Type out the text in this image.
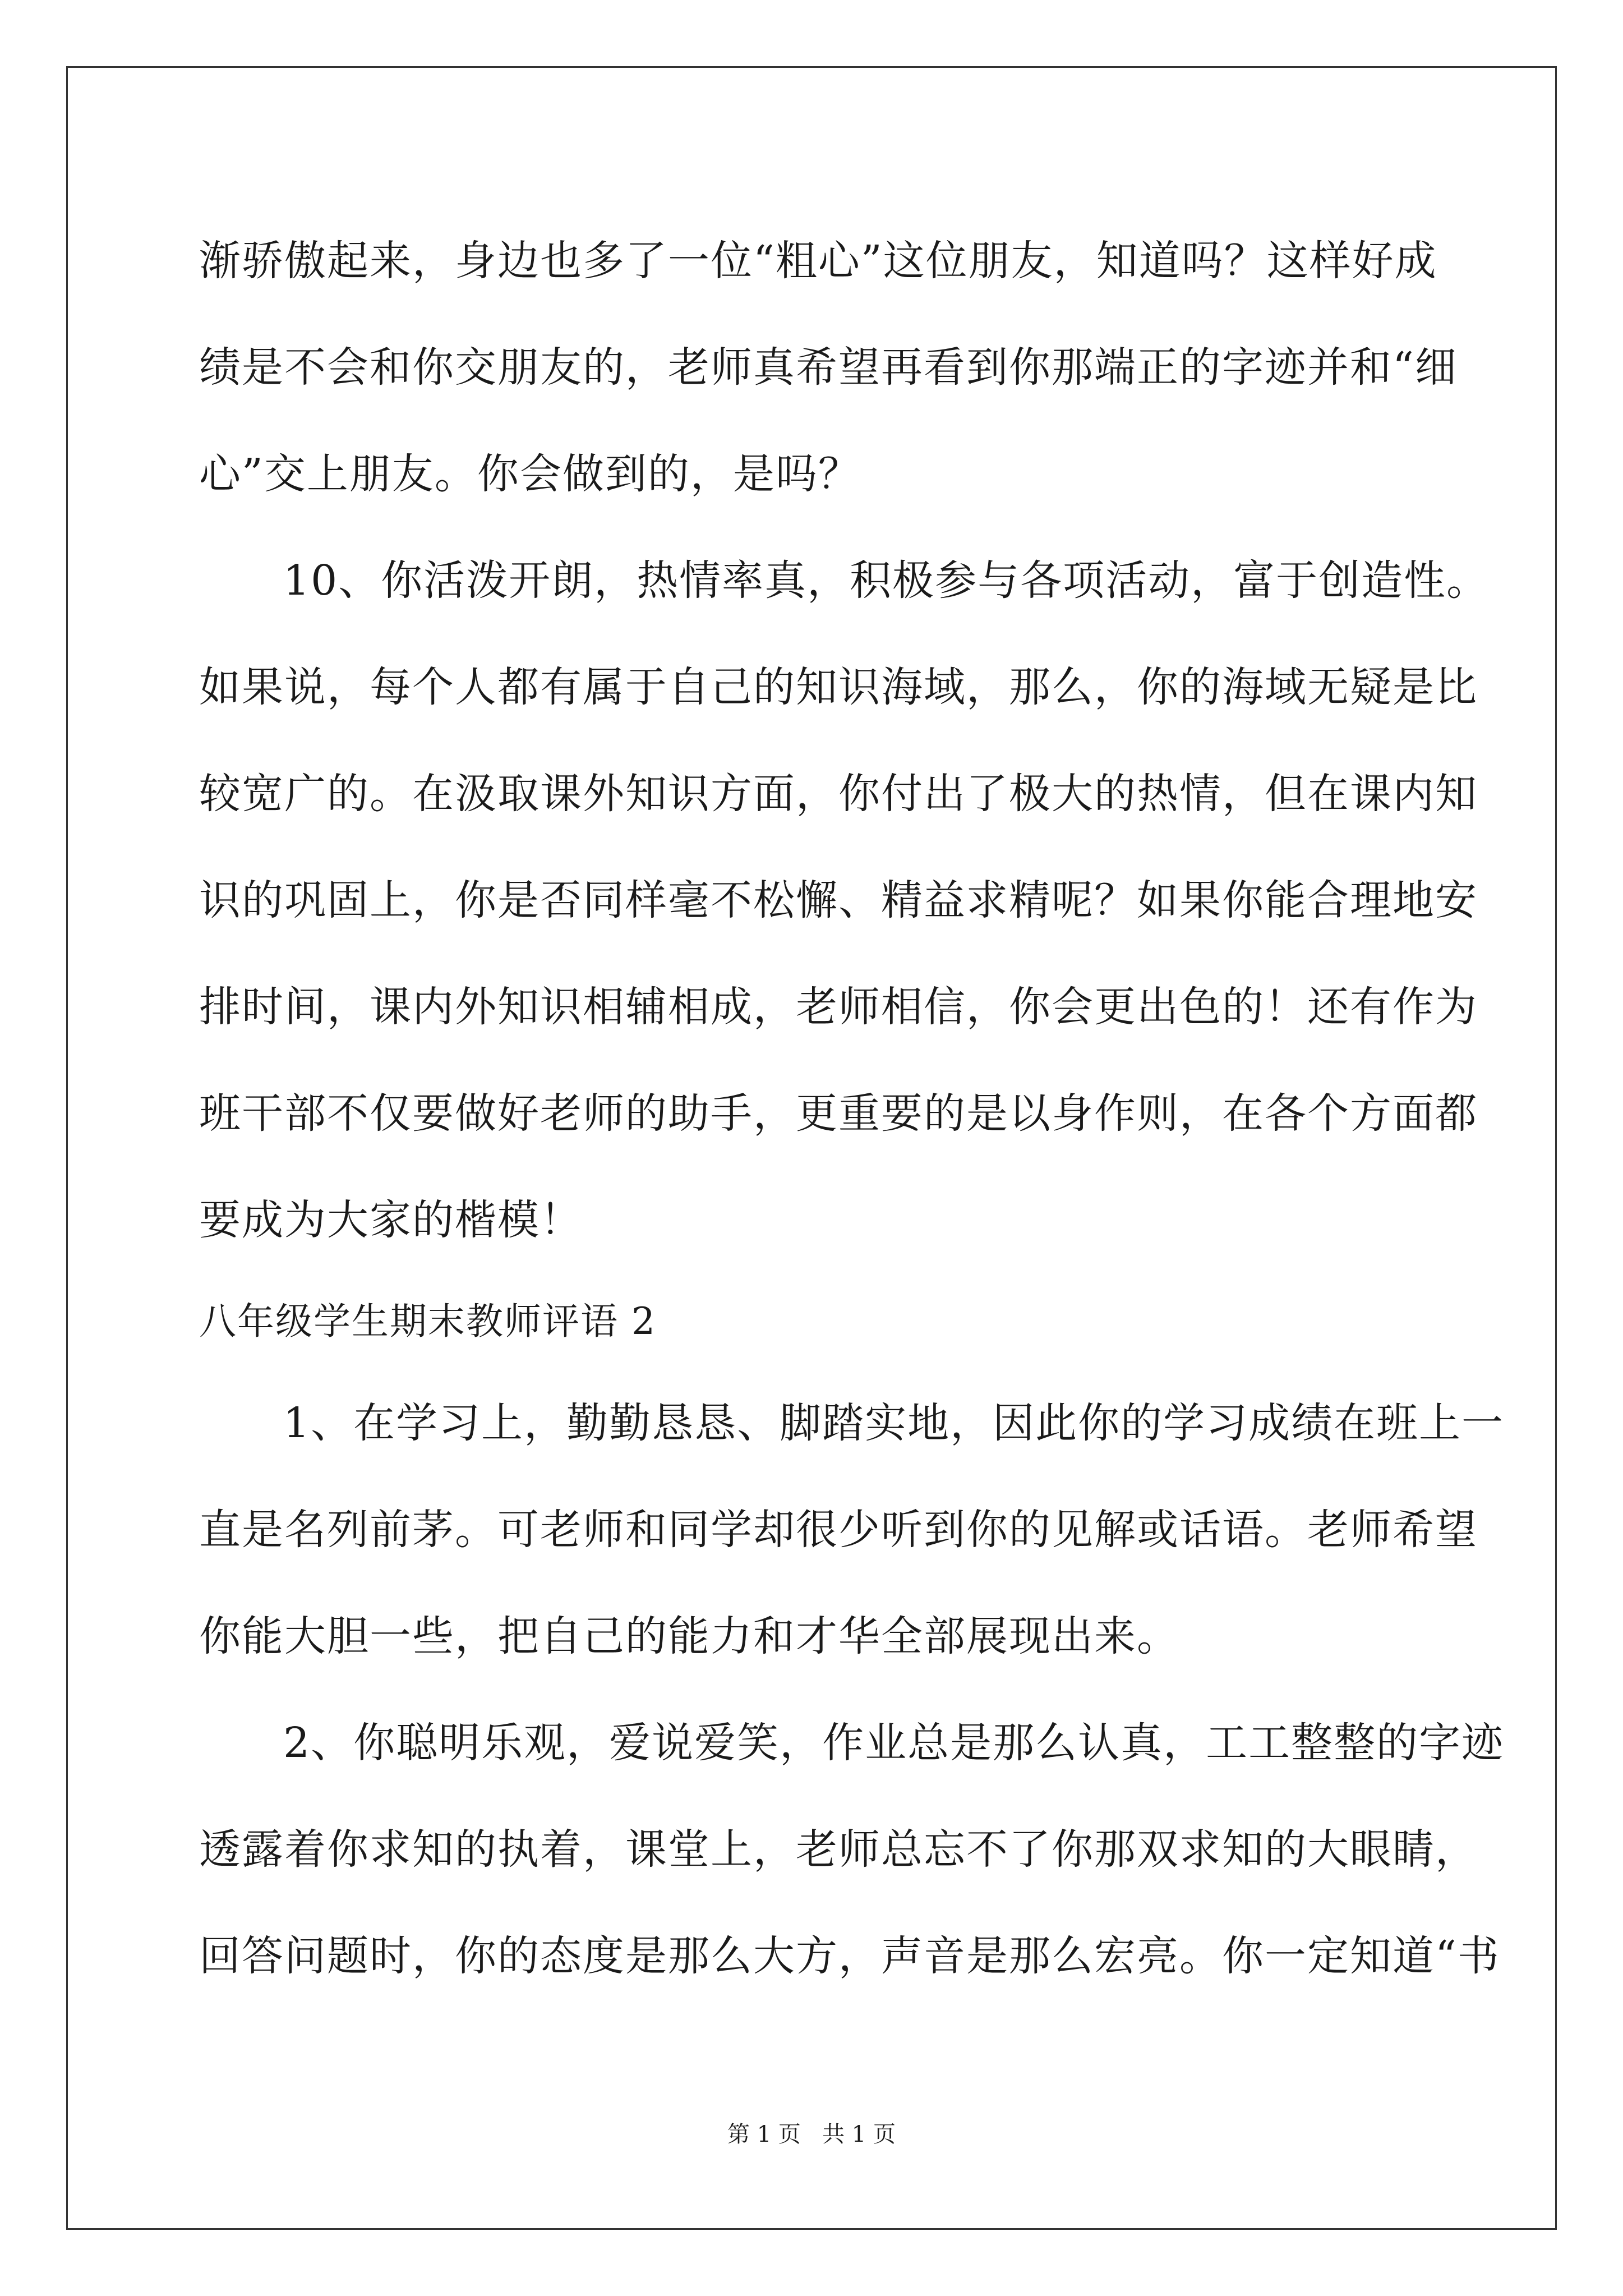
渐骄傲起来，身边也多了一位“粗心”这位朋友，知道吗？这样好成
绩是不会和你交朋友的，老师真希望再看到你那端正的字迹并和“细
心”交上朋友。你会做到的，是吗？
10、你活泼开朗，热情率真，积极参与各项活动，富于创造性。
如果说，每个人都有属于自己的知识海域，那么，你的海域无疑是比
较宽广的。在汲取课外知识方面，你付出了极大的热情，但在课内知
识的巩固上，你是否同样毫不松懈、精益求精呢？如果你能合理地安
排时间，课内外知识相辅相成，老师相信，你会更出色的！还有作为
班干部不仅要做好老师的助手，更重要的是以身作则，在各个方面都
要成为大家的楷模！
八年级学生期末教师评语 2
1、在学习上，勤勤恳恳、脚踏实地，因此你的学习成绩在班上一
直是名列前茅。可老师和同学却很少听到你的见解或话语。老师希望
你能大胆一些，把自己的能力和才华全部展现出来。
2、你聪明乐观，爱说爱笑，作业总是那么认真，工工整整的字迹
透露着你求知的执着，课堂上，老师总忘不了你那双求知的大眼睛，
回答问题时，你的态度是那么大方，声音是那么宏亮。你一定知道“书
第 1 页   共 1 页
